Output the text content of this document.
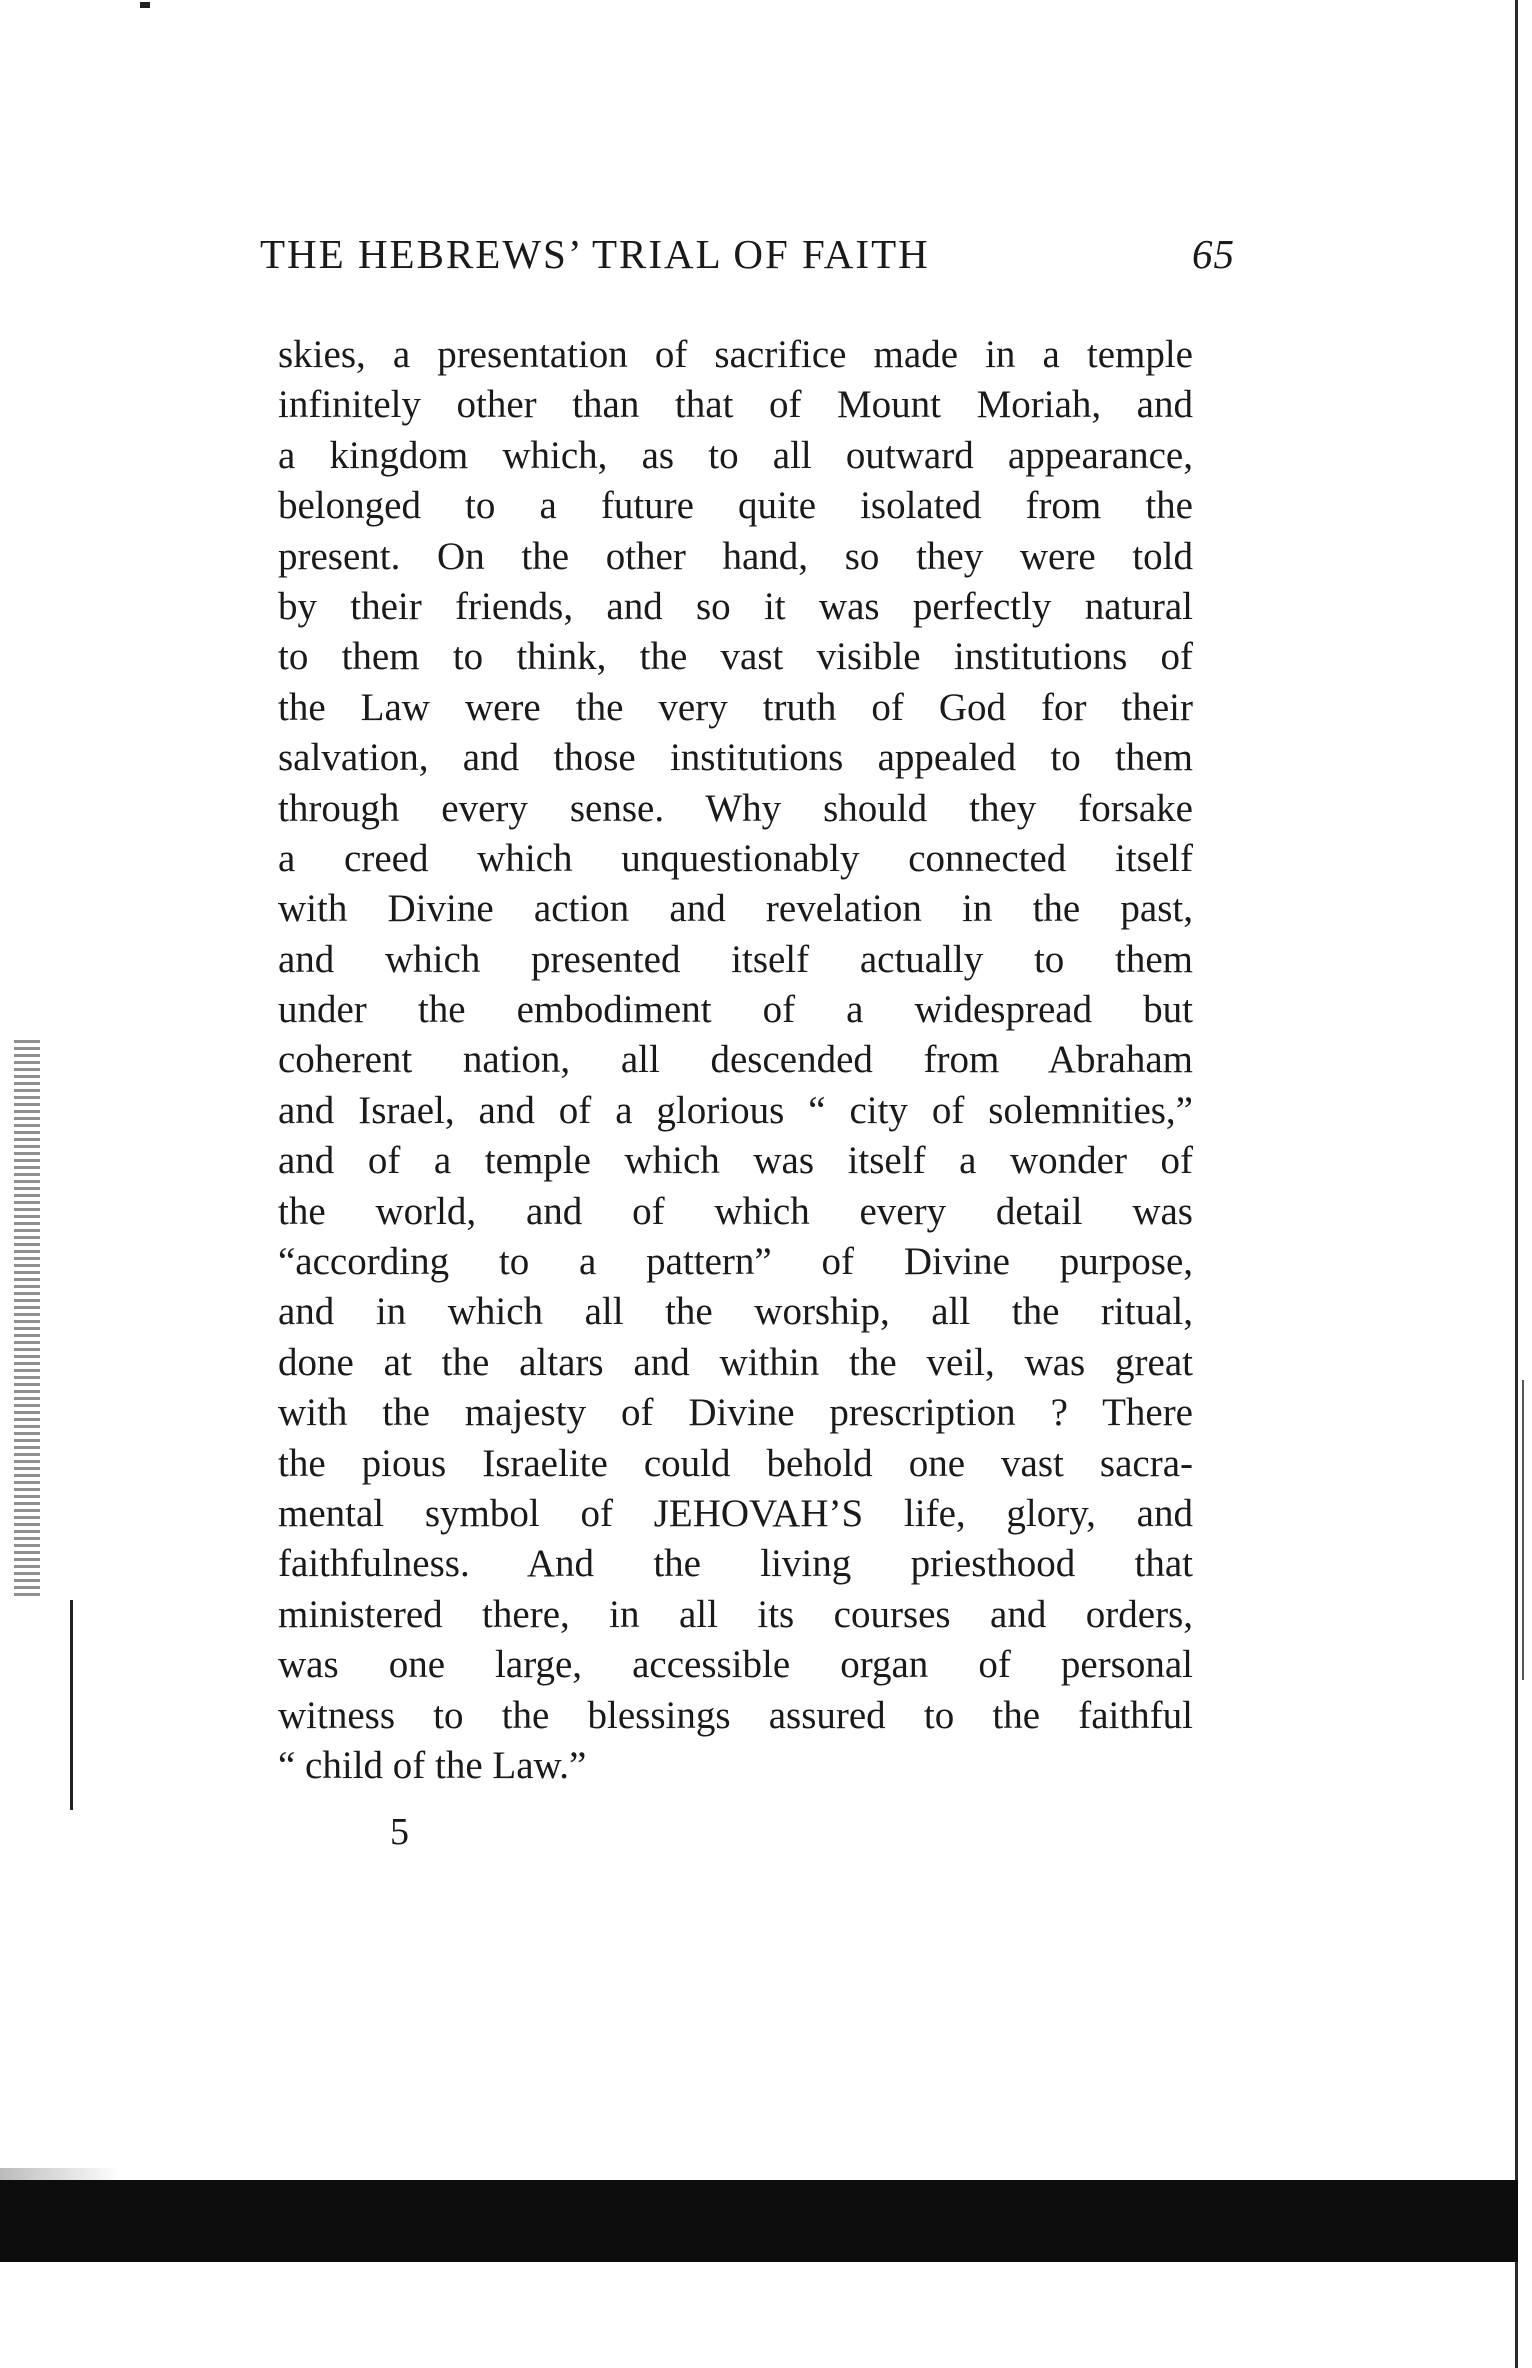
THE HEBREWS’ TRIAL OF FAITH	65
skies, a presentation of sacrifice made in a temple
infinitely other than that of Mount Moriah, and
a kingdom which, as to all outward appearance,
belonged to a future quite isolated from the
present. On the other hand, so they were told
by their friends, and so it was perfectly natural
to them to think, the vast visible institutions of
the Law were the very truth of God for their
salvation, and those institutions appealed to them
through every sense. Why should they forsake
a creed which unquestionably connected itself
with Divine action and revelation in the past,
and which presented itself actually to them
under the embodiment of a widespread but
coherent nation, all descended from Abraham
and Israel, and of a glorious “ city of solemnities,”
and of a temple which was itself a wonder of
the world, and of which every detail was
“according to a pattern” of Divine purpose,
and in which all the worship, all the ritual,
done at the altars and within the veil, was great
with the majesty of Divine prescription ? There
the pious Israelite could behold one vast sacra-
mental symbol of JEHOVAH’S life, glory, and
faithfulness. And the living priesthood that
ministered there, in all its courses and orders,
was one large, accessible organ of personal
witness to the blessings assured to the faithful
“ child of the Law.”
5
